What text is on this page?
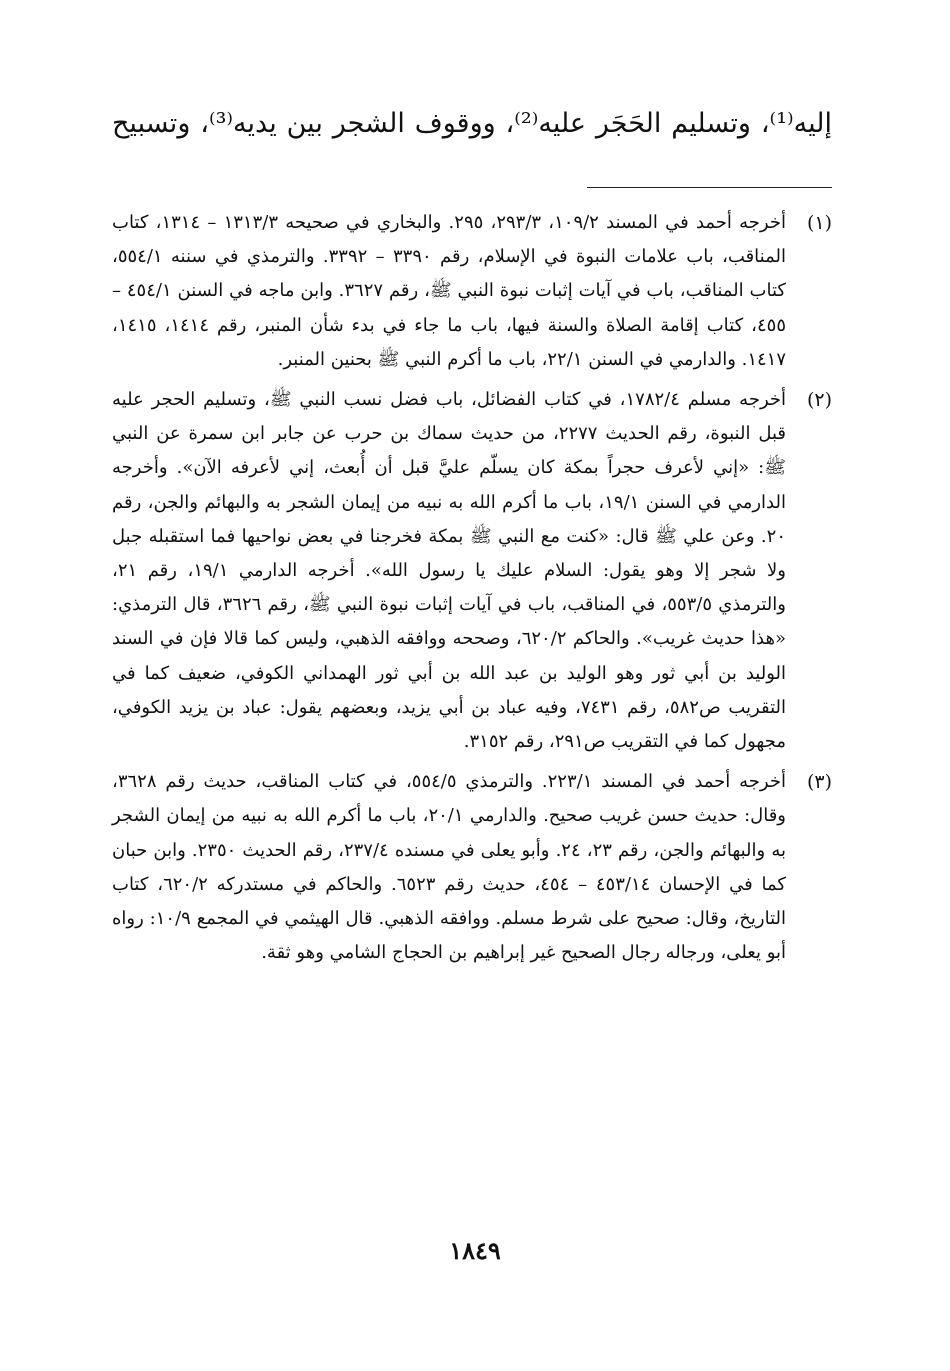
إليه⁽¹⁾، وتسليم الحَجَر عليه⁽²⁾، ووقوف الشجر بين يديه⁽³⁾، وتسبيح
(١)
أخرجه أحمد في المسند ١٠٩/٢، ٢٩٣/٣، ٢٩٥. والبخاري في صحيحه ١٣١٣/٣ – ١٣١٤، كتاب المناقب، باب علامات النبوة في الإسلام، رقم ٣٣٩٠ – ٣٣٩٢. والترمذي في سننه ٥٥٤/١، كتاب المناقب، باب في آيات إثبات نبوة النبي ﷺ، رقم ٣٦٢٧. وابن ماجه في السنن ٤٥٤/١ – ٤٥٥، كتاب إقامة الصلاة والسنة فيها، باب ما جاء في بدء شأن المنبر، رقم ١٤١٤، ١٤١٥، ١٤١٧. والدارمي في السنن ٢٢/١، باب ما أكرم النبي ﷺ بحنين المنبر.
(٢)
أخرجه مسلم ١٧٨٢/٤، في كتاب الفضائل، باب فضل نسب النبي ﷺ، وتسليم الحجر عليه قبل النبوة، رقم الحديث ٢٢٧٧، من حديث سماك بن حرب عن جابر ابن سمرة عن النبي ﷺ: «إني لأعرف حجراً بمكة كان يسلّم عليَّ قبل أن أُبعث، إني لأعرفه الآن». وأخرجه الدارمي في السنن ١٩/١، باب ما أكرم الله به نبيه من إيمان الشجر به والبهائم والجن، رقم ٢٠. وعن علي ﷺ قال: «كنت مع النبي ﷺ بمكة فخرجنا في بعض نواحيها فما استقبله جبل ولا شجر إلا وهو يقول: السلام عليك يا رسول الله». أخرجه الدارمي ١٩/١، رقم ٢١، والترمذي ٥٥٣/٥، في المناقب، باب في آيات إثبات نبوة النبي ﷺ، رقم ٣٦٢٦، قال الترمذي: «هذا حديث غريب». والحاكم ٦٢٠/٢، وصححه ووافقه الذهبي، وليس كما قالا فإن في السند الوليد بن أبي ثور وهو الوليد بن عبد الله بن أبي ثور الهمداني الكوفي، ضعيف كما في التقريب ص٥٨٢، رقم ٧٤٣١، وفيه عباد بن أبي يزيد، وبعضهم يقول: عباد بن يزيد الكوفي، مجهول كما في التقريب ص٢٩١، رقم ٣١٥٢.
(٣)
أخرجه أحمد في المسند ٢٢٣/١. والترمذي ٥٥٤/٥، في كتاب المناقب، حديث رقم ٣٦٢٨، وقال: حديث حسن غريب صحيح. والدارمي ٢٠/١، باب ما أكرم الله به نبيه من إيمان الشجر به والبهائم والجن، رقم ٢٣، ٢٤. وأبو يعلى في مسنده ٢٣٧/٤، رقم الحديث ٢٣٥٠. وابن حبان كما في الإحسان ٤٥٣/١٤ – ٤٥٤، حديث رقم ٦٥٢٣. والحاكم في مستدركه ٦٢٠/٢، كتاب التاريخ، وقال: صحيح على شرط مسلم. ووافقه الذهبي. قال الهيثمي في المجمع ١٠/٩: رواه أبو يعلى، ورجاله رجال الصحيح غير إبراهيم بن الحجاج الشامي وهو ثقة.
١٨٤٩
